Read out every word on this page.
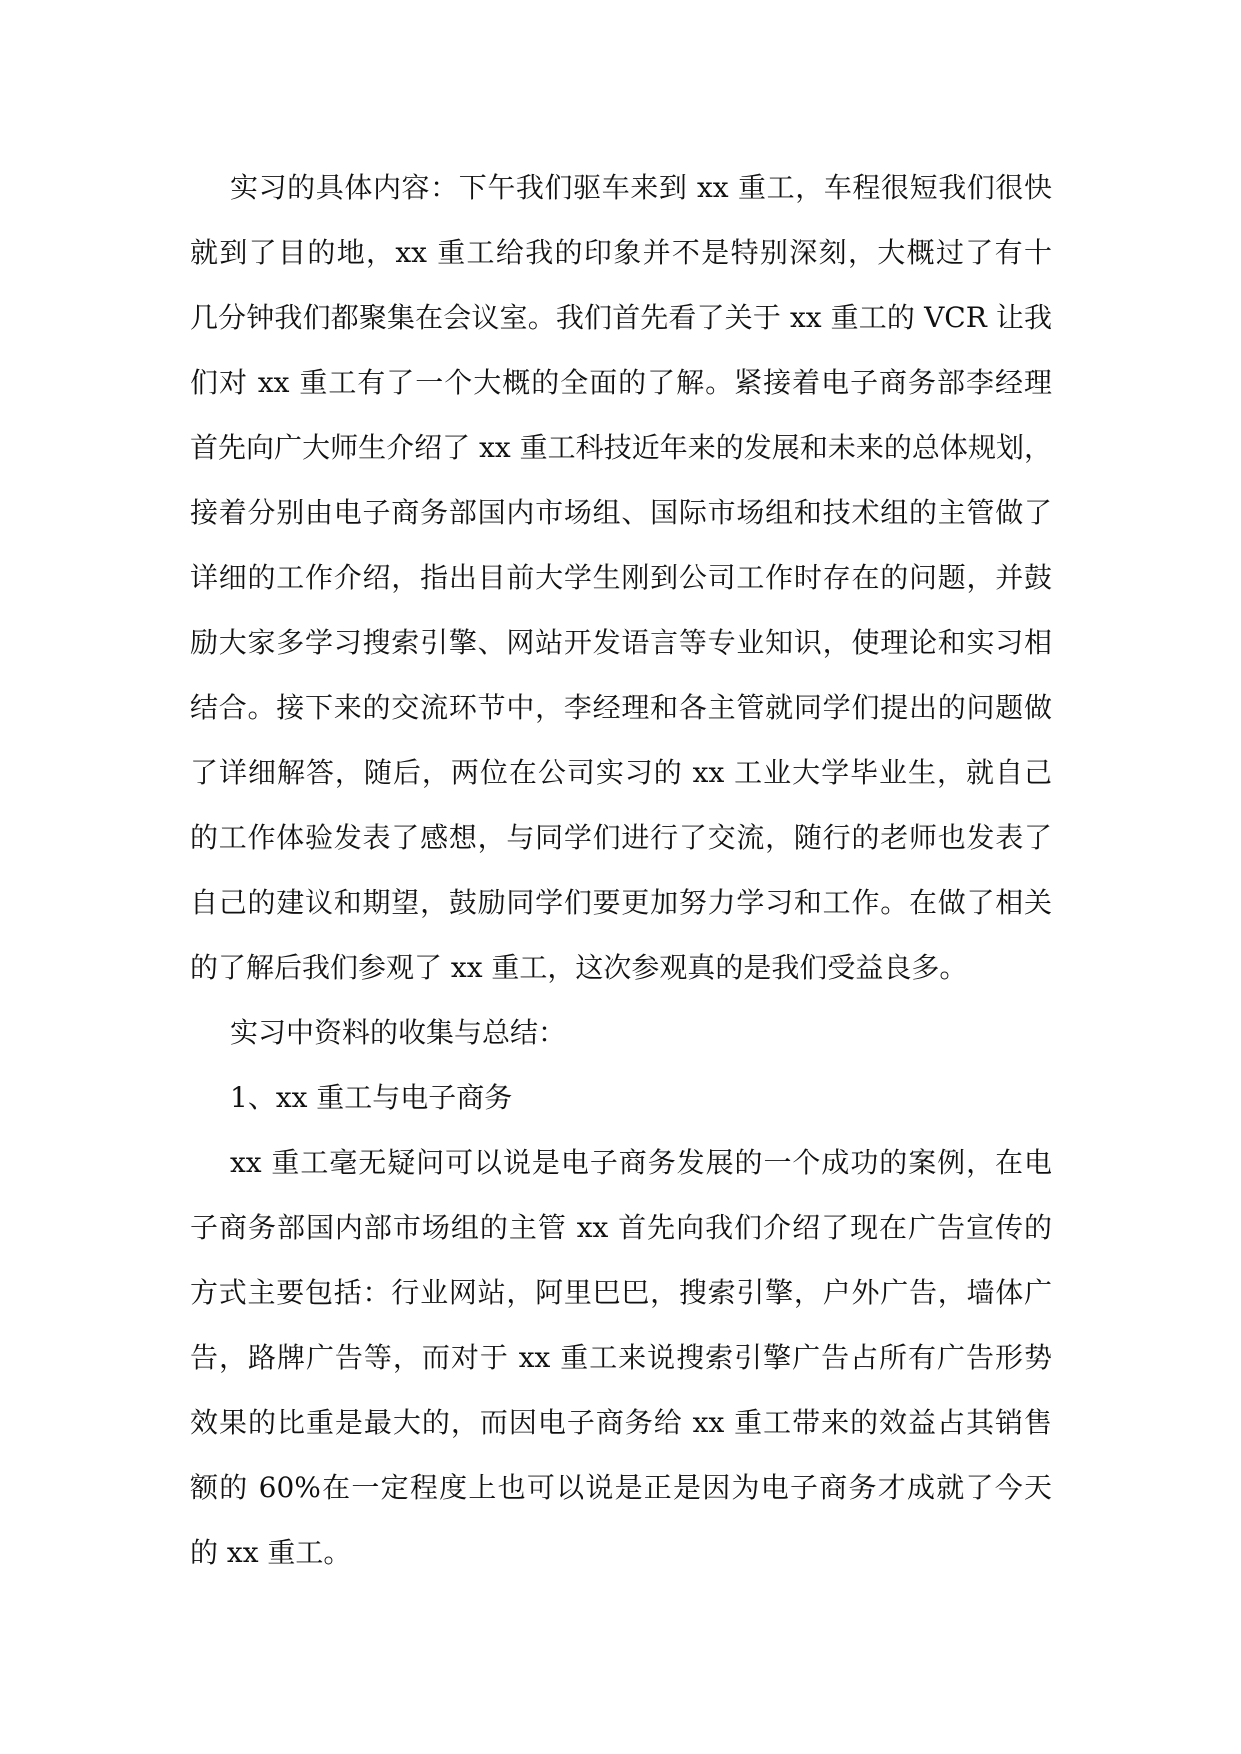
实习的具体内容：下午我们驱车来到 xx 重工，车程很短我们很快
就到了目的地，xx 重工给我的印象并不是特别深刻，大概过了有十
几分钟我们都聚集在会议室。我们首先看了关于 xx 重工的 VCR 让我
们对 xx 重工有了一个大概的全面的了解。紧接着电子商务部李经理
首先向广大师生介绍了 xx 重工科技近年来的发展和未来的总体规划，
接着分别由电子商务部国内市场组、国际市场组和技术组的主管做了
详细的工作介绍，指出目前大学生刚到公司工作时存在的问题，并鼓
励大家多学习搜索引擎、网站开发语言等专业知识，使理论和实习相
结合。接下来的交流环节中，李经理和各主管就同学们提出的问题做
了详细解答，随后，两位在公司实习的 xx 工业大学毕业生，就自己
的工作体验发表了感想，与同学们进行了交流，随行的老师也发表了
自己的建议和期望，鼓励同学们要更加努力学习和工作。在做了相关
的了解后我们参观了 xx 重工，这次参观真的是我们受益良多。
实习中资料的收集与总结：
1、xx 重工与电子商务
xx 重工毫无疑问可以说是电子商务发展的一个成功的案例，在电
子商务部国内部市场组的主管 xx 首先向我们介绍了现在广告宣传的
方式主要包括：行业网站，阿里巴巴，搜索引擎，户外广告，墙体广
告，路牌广告等，而对于 xx 重工来说搜索引擎广告占所有广告形势
效果的比重是最大的，而因电子商务给 xx 重工带来的效益占其销售
额的 60%在一定程度上也可以说是正是因为电子商务才成就了今天
的 xx 重工。
